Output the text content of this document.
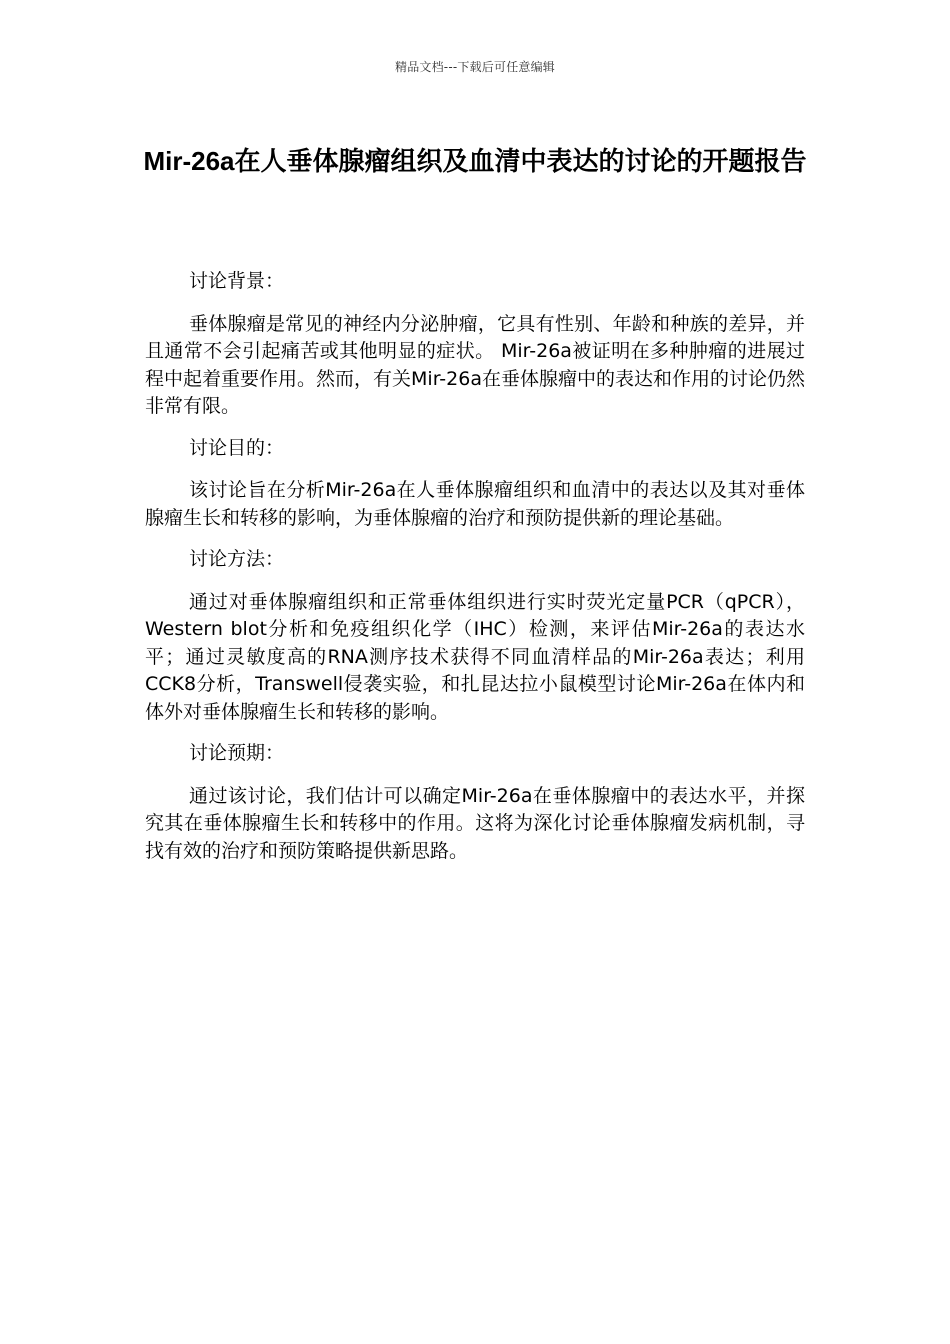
精品文档---下载后可任意编辑
Mir-26a在人垂体腺瘤组织及血清中表达的讨论的开题报告

讨论背景：

垂体腺瘤是常见的神经内分泌肿瘤，它具有性别、年龄和种族的差异，并且通常不会引起痛苦或其他明显的症状。 Mir-26a被证明在多种肿瘤的进展过程中起着重要作用。然而，有关Mir-26a在垂体腺瘤中的表达和作用的讨论仍然非常有限。

讨论目的：

该讨论旨在分析Mir-26a在人垂体腺瘤组织和血清中的表达以及其对垂体腺瘤生长和转移的影响，为垂体腺瘤的治疗和预防提供新的理论基础。

讨论方法：

通过对垂体腺瘤组织和正常垂体组织进行实时荧光定量PCR（qPCR），Western blot分析和免疫组织化学（IHC）检测，来评估Mir-26a的表达水平；通过灵敏度高的RNA测序技术获得不同血清样品的Mir-26a表达；利用CCK8分析，Transwell侵袭实验，和扎昆达拉小鼠模型讨论Mir-26a在体内和体外对垂体腺瘤生长和转移的影响。

讨论预期：

通过该讨论，我们估计可以确定Mir-26a在垂体腺瘤中的表达水平，并探究其在垂体腺瘤生长和转移中的作用。这将为深化讨论垂体腺瘤发病机制，寻找有效的治疗和预防策略提供新思路。
